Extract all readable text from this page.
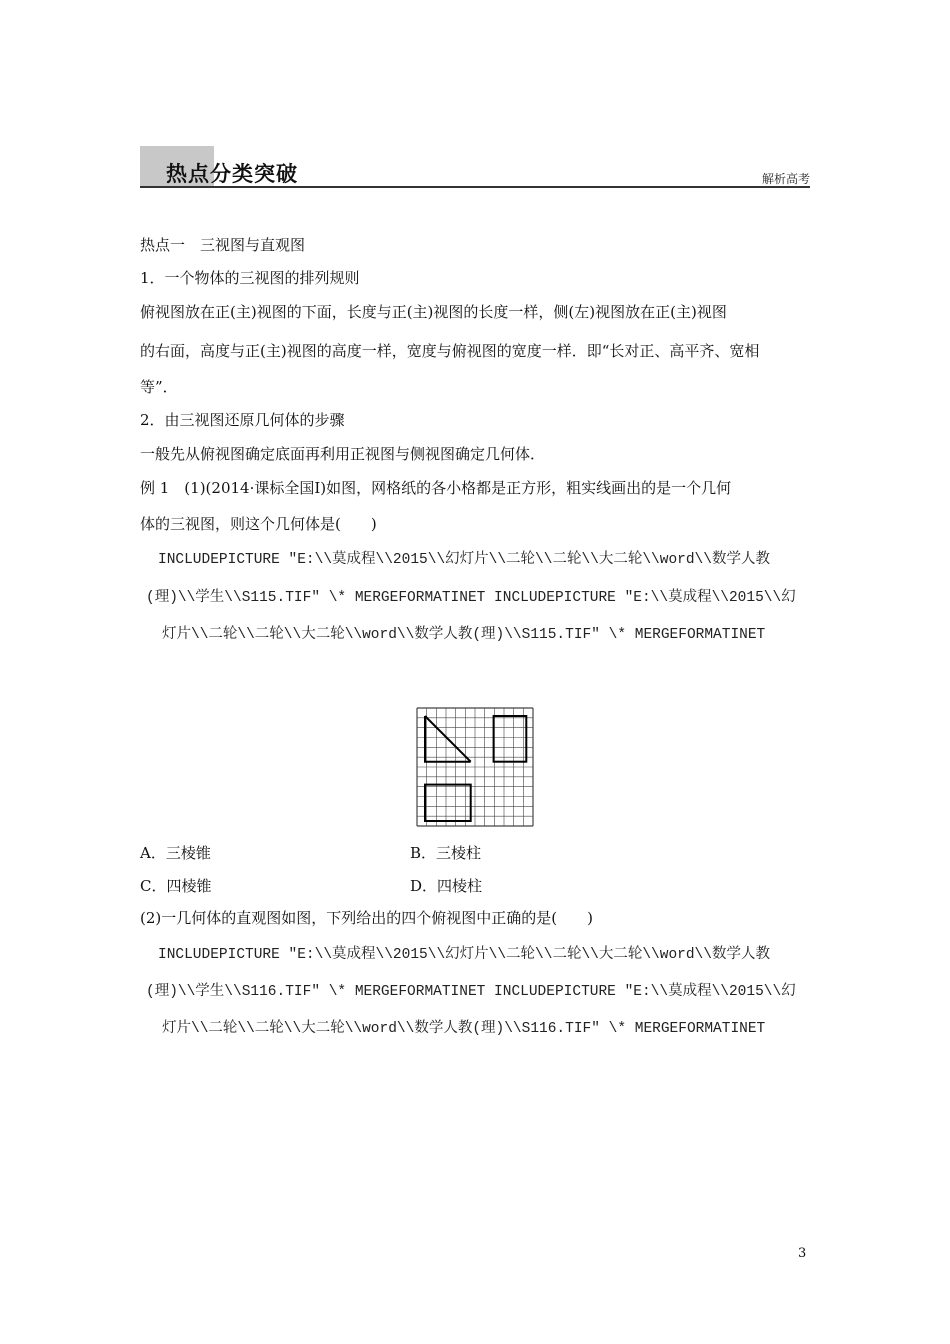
热点分类突破	解析高考
热点一　三视图与直观图
1．一个物体的三视图的排列规则
俯视图放在正(主)视图的下面，长度与正(主)视图的长度一样，侧(左)视图放在正(主)视图
的右面，高度与正(主)视图的高度一样，宽度与俯视图的宽度一样．即“长对正、高平齐、宽相
等”．
2．由三视图还原几何体的步骤
一般先从俯视图确定底面再利用正视图与侧视图确定几何体．
例 1　(1)(2014·课标全国Ⅰ)如图，网格纸的各小格都是正方形，粗实线画出的是一个几何
体的三视图，则这个几何体是(　　)
INCLUDEPICTURE "E:\\莫成程\\2015\\幻灯片\\二轮\\二轮\\大二轮\\word\\数学人教
(理)\\学生\\S115.TIF" \* MERGEFORMATINET INCLUDEPICTURE "E:\\莫成程\\2015\\幻
灯片\\二轮\\二轮\\大二轮\\word\\数学人教(理)\\S115.TIF" \* MERGEFORMATINET
A．三棱锥	B．三棱柱
C．四棱锥	D．四棱柱
(2)一几何体的直观图如图，下列给出的四个俯视图中正确的是(　　)
INCLUDEPICTURE "E:\\莫成程\\2015\\幻灯片\\二轮\\二轮\\大二轮\\word\\数学人教
(理)\\学生\\S116.TIF" \* MERGEFORMATINET INCLUDEPICTURE "E:\\莫成程\\2015\\幻
灯片\\二轮\\二轮\\大二轮\\word\\数学人教(理)\\S116.TIF" \* MERGEFORMATINET
3
